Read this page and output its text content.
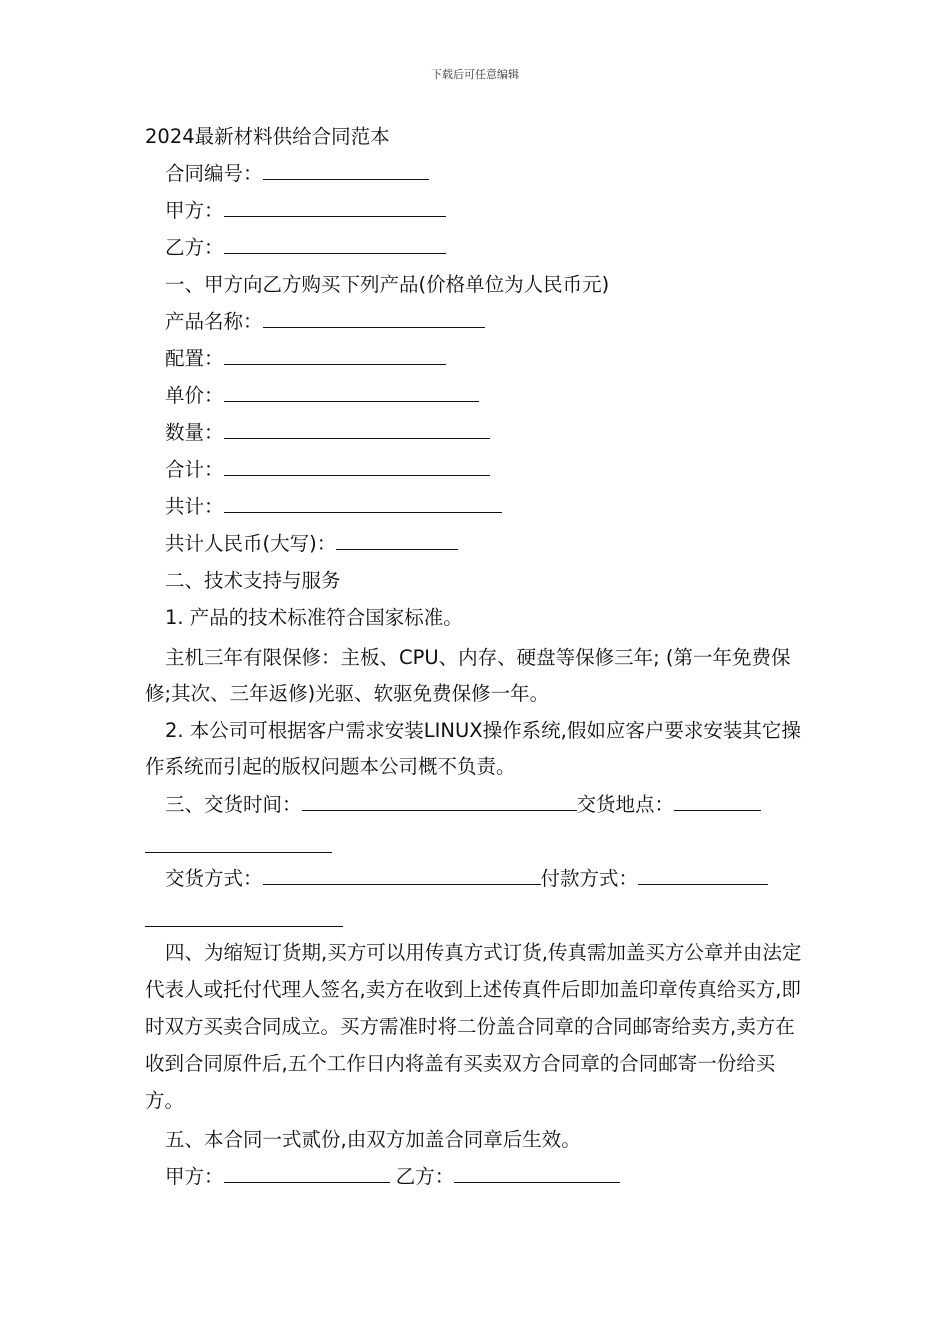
下载后可任意编辑
2024最新材料供给合同范本
合同编号：
甲方：
乙方：
一、甲方向乙方购买下列产品(价格单位为人民币元)
产品名称：
配置：
单价：
数量：
合计：
共计：
共计人民币(大写)：
二、技术支持与服务
1. 产品的技术标准符合国家标准。
主机三年有限保修：主板、CPU、内存、硬盘等保修三年; (第一年免费保修;其次、三年返修)光驱、软驱免费保修一年。
2. 本公司可根据客户需求安装LINUX操作系统,假如应客户要求安装其它操作系统而引起的版权问题本公司概不负责。
三、交货时间：	交货地点：
交货方式：	付款方式：
四、为缩短订货期,买方可以用传真方式订货,传真需加盖买方公章并由法定代表人或托付代理人签名,卖方在收到上述传真件后即加盖印章传真给买方,即时双方买卖合同成立。买方需准时将二份盖合同章的合同邮寄给卖方,卖方在收到合同原件后,五个工作日内将盖有买卖双方合同章的合同邮寄一份给买方。
五、本合同一式贰份,由双方加盖合同章后生效。
甲方：	乙方：
